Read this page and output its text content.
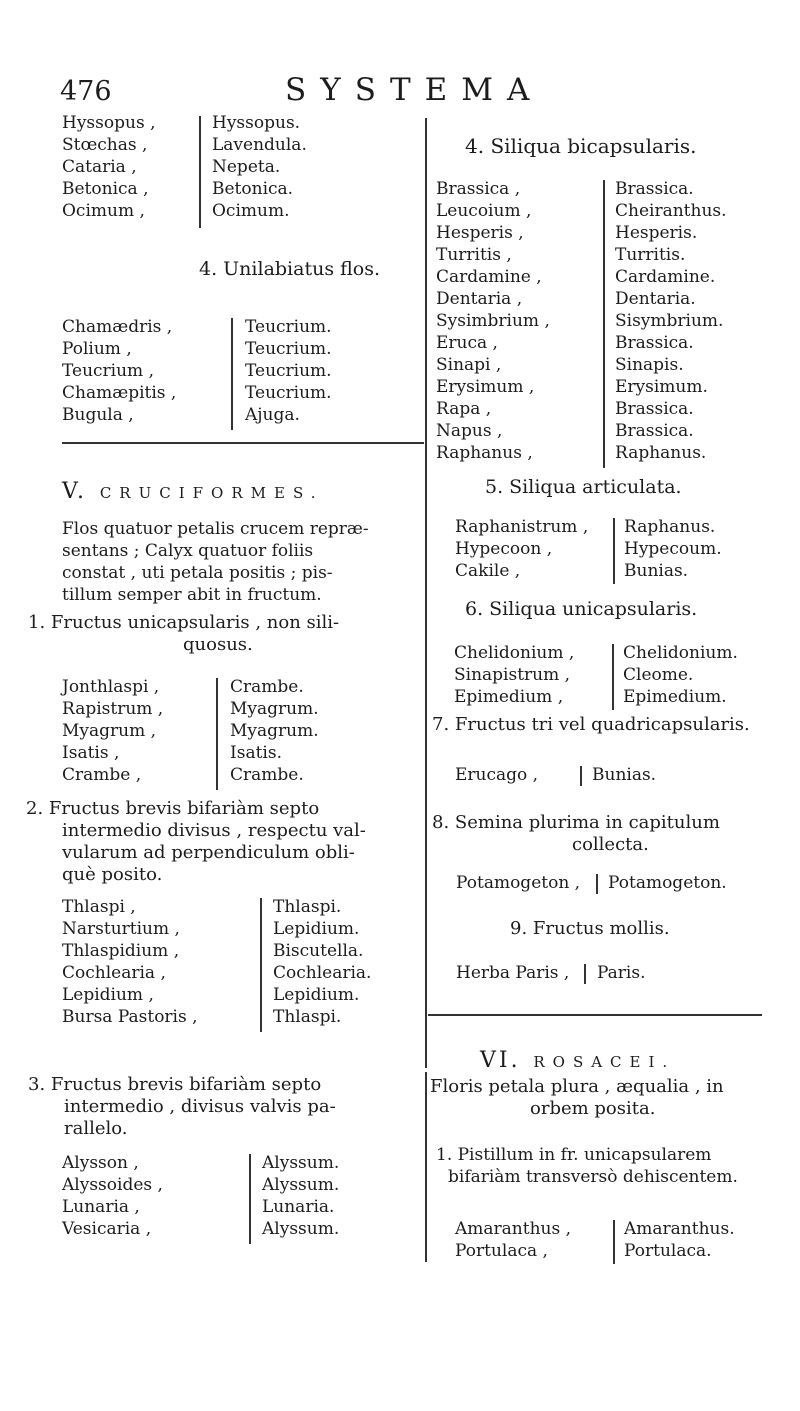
476	SYSTEMA
Hyssopus ,
Stœchas ,
Cataria ,
Betonica ,
Ocimum ,
Hyssopus.
Lavendula.
Nepeta.
Betonica.
Ocimum.
4. Unilabiatus flos.
Chamædris ,
Polium ,
Teucrium ,
Chamæpitis ,
Bugula ,
Teucrium.
Teucrium.
Teucrium.
Teucrium.
Ajuga.
V. CRUCIFORMES.
Flos quatuor petalis crucem repræ-
sentans ; Calyx quatuor foliis
constat , uti petala positis ; pis-
tillum semper abit in fructum.
1. Fructus unicapsularis , non sili-
quosus.
Jonthlaspi ,
Rapistrum ,
Myagrum ,
Isatis ,
Crambe ,
Crambe.
Myagrum.
Myagrum.
Isatis.
Crambe.
2. Fructus brevis bifariàm septo
intermedio divisus , respectu val-
vularum ad perpendiculum obli-
què posito.
Thlaspi ,
Narsturtium ,
Thlaspidium ,
Cochlearia ,
Lepidium ,
Bursa Pastoris ,
Thlaspi.
Lepidium.
Biscutella.
Cochlearia.
Lepidium.
Thlaspi.
3. Fructus brevis bifariàm septo
intermedio , divisus valvis pa-
rallelo.
Alysson ,
Alyssoides ,
Lunaria ,
Vesicaria ,
Alyssum.
Alyssum.
Lunaria.
Alyssum.
4. Siliqua bicapsularis.
Brassica ,
Leucoium ,
Hesperis ,
Turritis ,
Cardamine ,
Dentaria ,
Sysimbrium ,
Eruca ,
Sinapi ,
Erysimum ,
Rapa ,
Napus ,
Raphanus ,
Brassica.
Cheiranthus.
Hesperis.
Turritis.
Cardamine.
Dentaria.
Sisymbrium.
Brassica.
Sinapis.
Erysimum.
Brassica.
Brassica.
Raphanus.
5. Siliqua articulata.
Raphanistrum ,
Hypecoon ,
Cakile ,
Raphanus.
Hypecoum.
Bunias.
6. Siliqua unicapsularis.
Chelidonium ,
Sinapistrum ,
Epimedium ,
Chelidonium.
Cleome.
Epimedium.
7. Fructus tri vel quadricapsularis.
Erucago ,	Bunias.
8. Semina plurima in capitulum
collecta.
Potamogeton , Potamogeton.
9. Fructus mollis.
Herba Paris , Paris.
VI. ROSACEI.
Floris petala plura , æqualia , in
orbem posita.
1. Pistillum in fr. unicapsularem
bifariàm transversò dehiscentem.
Amaranthus ,
Portulaca ,
Amaranthus.
Portulaca.
